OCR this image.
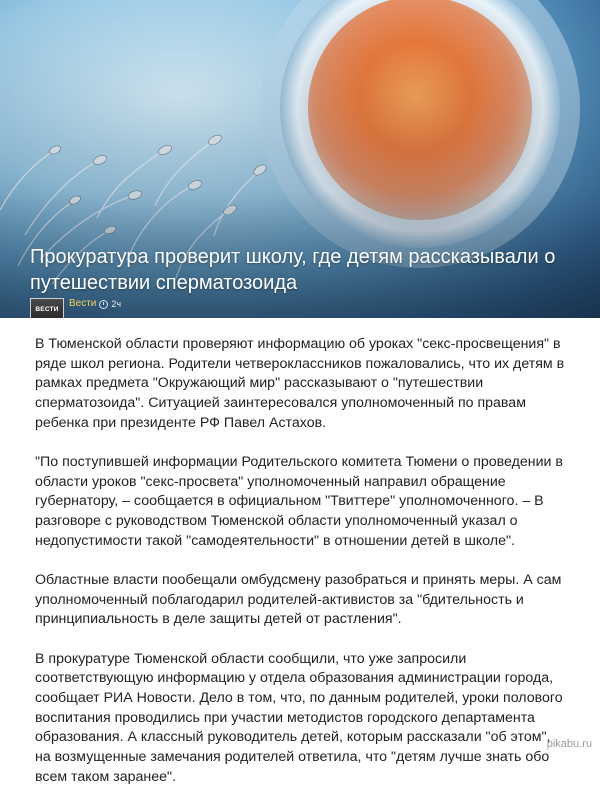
Прокуратура проверит школу, где детям рассказывали о путешествии сперматозоида
ВЕСТИ	Вести 2ч

В Тюменской области проверяют информацию об уроках "секс-просвещения" в ряде школ региона. Родители четвероклассников пожаловались, что их детям в рамках предмета "Окружающий мир" рассказывают о "путешествии сперматозоида". Ситуацией заинтересовался уполномоченный по правам ребенка при президенте РФ Павел Астахов.

"По поступившей информации Родительского комитета Тюмени о проведении в области уроков "секс-просвета" уполномоченный направил обращение губернатору, – сообщается в официальном "Твиттере" уполномоченного. – В разговоре с руководством Тюменской области уполномоченный указал о недопустимости такой "самодеятельности" в отношении детей в школе".

Областные власти пообещали омбудсмену разобраться и принять меры. А сам уполномоченный поблагодарил родителей-активистов за "бдительность и принципиальность в деле защиты детей от растления".

В прокуратуре Тюменской области сообщили, что уже запросили соответствующую информацию у отдела образования администрации города, сообщает РИА Новости. Дело в том, что, по данным родителей, уроки полового воспитания проводились при участии методистов городского департамента образования. А классный руководитель детей, которым рассказали "об этом", на возмущенные замечания родителей ответила, что "детям лучше знать обо всем таком заранее".

pikabu.ru
